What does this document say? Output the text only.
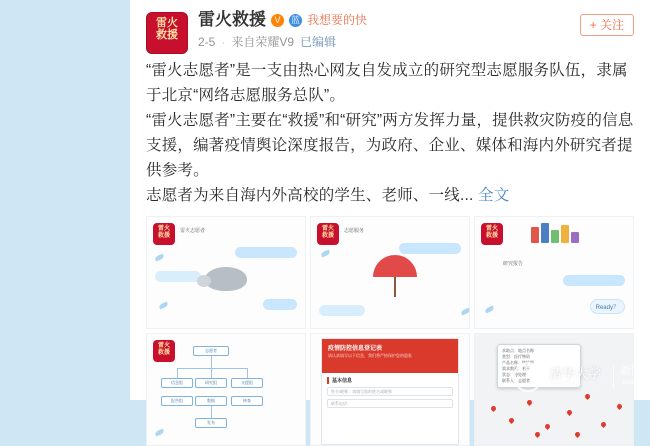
雷火
救援
雷火救援 V	蓝 我想要的快
2-5 · 来自荣耀V9 已编辑
+ 关注

“雷火志愿者”是一支由热心网友自发成立的研究型志愿服务队伍，隶属于北京“网络志愿服务总队”。

“雷火志愿者”主要在“救援”和“研究”两方发挥力量，提供救灾防疫的信息支援，编著疫情舆论深度报告，为政府、企业、媒体和海内外研究者提供参考。

志愿者为来自海内外高校的学生、老师、一线... 全文

雷火
救援
雷火志愿者	雷火
救援
志愿服务	雷火
救援
研究报告
Ready？
雷火
救援	志愿者
信息组	研究组	支援组
报告组	数据	核查
发布
疫情防控信息登记表
请认真填写以下信息，我们将严格保护您的隐私
基本信息
姓名/昵称：请填写您的姓名或昵称
联系电话：
求助点：地点名称
类型：医疗物资
产品名称：防护服
需求数量：若干
状态：待处理
联系人：志愿者	清华大学
Tsinghua University
新闻
NEWS
